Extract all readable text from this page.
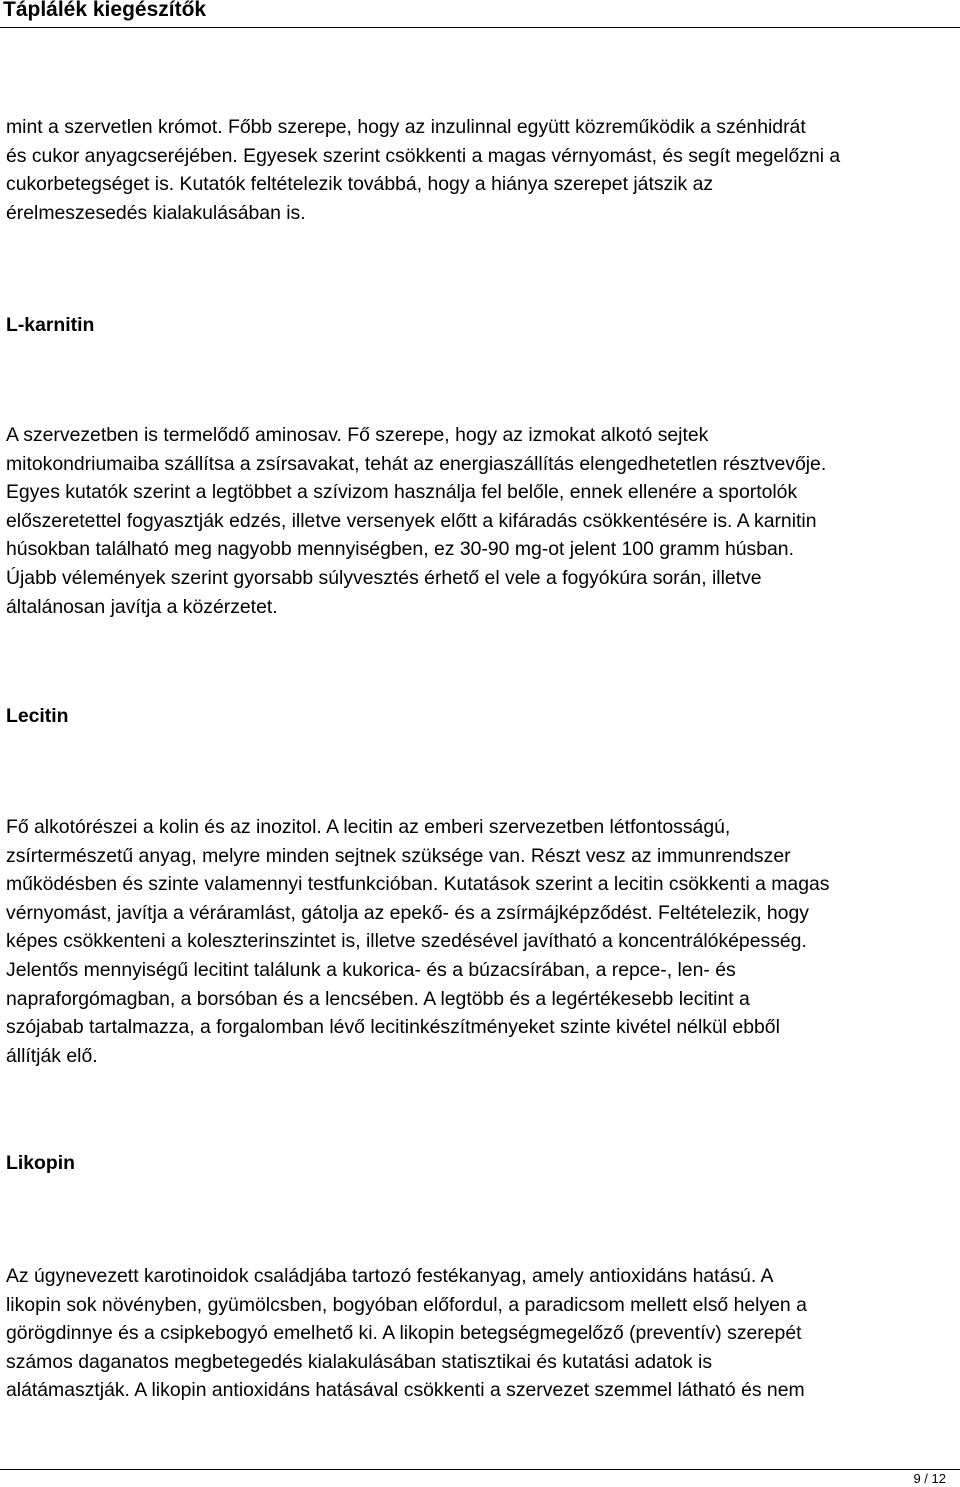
Táplálék kiegészítők

mint a szervetlen krómot. Főbb szerepe, hogy az inzulinnal együtt közreműködik a szénhidrát
és cukor anyagcseréjében. Egyesek szerint csökkenti a magas vérnyomást, és segít megelőzni a
cukorbetegséget is. Kutatók feltételezik továbbá, hogy a hiánya szerepet játszik az
érelmeszesedés kialakulásában is.

L-karnitin

A szervezetben is termelődő aminosav. Fő szerepe, hogy az izmokat alkotó sejtek
mitokondriumaiba szállítsa a zsírsavakat, tehát az energiaszállítás elengedhetetlen résztvevője.
Egyes kutatók szerint a legtöbbet a szívizom használja fel belőle, ennek ellenére a sportolók
előszeretettel fogyasztják edzés, illetve versenyek előtt a kifáradás csökkentésére is. A karnitin
húsokban található meg nagyobb mennyiségben, ez 30-90 mg-ot jelent 100 gramm húsban.
Újabb vélemények szerint gyorsabb súlyvesztés érhető el vele a fogyókúra során, illetve
általánosan javítja a közérzetet.

Lecitin

Fő alkotórészei a kolin és az inozitol. A lecitin az emberi szervezetben létfontosságú,
zsírtermészetű anyag, melyre minden sejtnek szüksége van. Részt vesz az immunrendszer
működésben és szinte valamennyi testfunkcióban. Kutatások szerint a lecitin csökkenti a magas
vérnyomást, javítja a véráramlást, gátolja az epekő- és a zsírmájképződést. Feltételezik, hogy
képes csökkenteni a koleszterinszintet is, illetve szedésével javítható a koncentrálóképesség.
Jelentős mennyiségű lecitint találunk a kukorica- és a búzacsírában, a repce-, len- és
napraforgómagban, a borsóban és a lencsében. A legtöbb és a legértékesebb lecitint a
szójabab tartalmazza, a forgalomban lévő lecitinkészítményeket szinte kivétel nélkül ebből
állítják elő.

Likopin

Az úgynevezett karotinoidok családjába tartozó festékanyag, amely antioxidáns hatású. A
likopin sok növényben, gyümölcsben, bogyóban előfordul, a paradicsom mellett első helyen a
görögdinnye és a csipkebogyó emelhető ki. A likopin betegségmegelőző (preventív) szerepét
számos daganatos megbetegedés kialakulásában statisztikai és kutatási adatok is
alátámasztják. A likopin antioxidáns hatásával csökkenti a szervezet szemmel látható és nem

9 / 12
